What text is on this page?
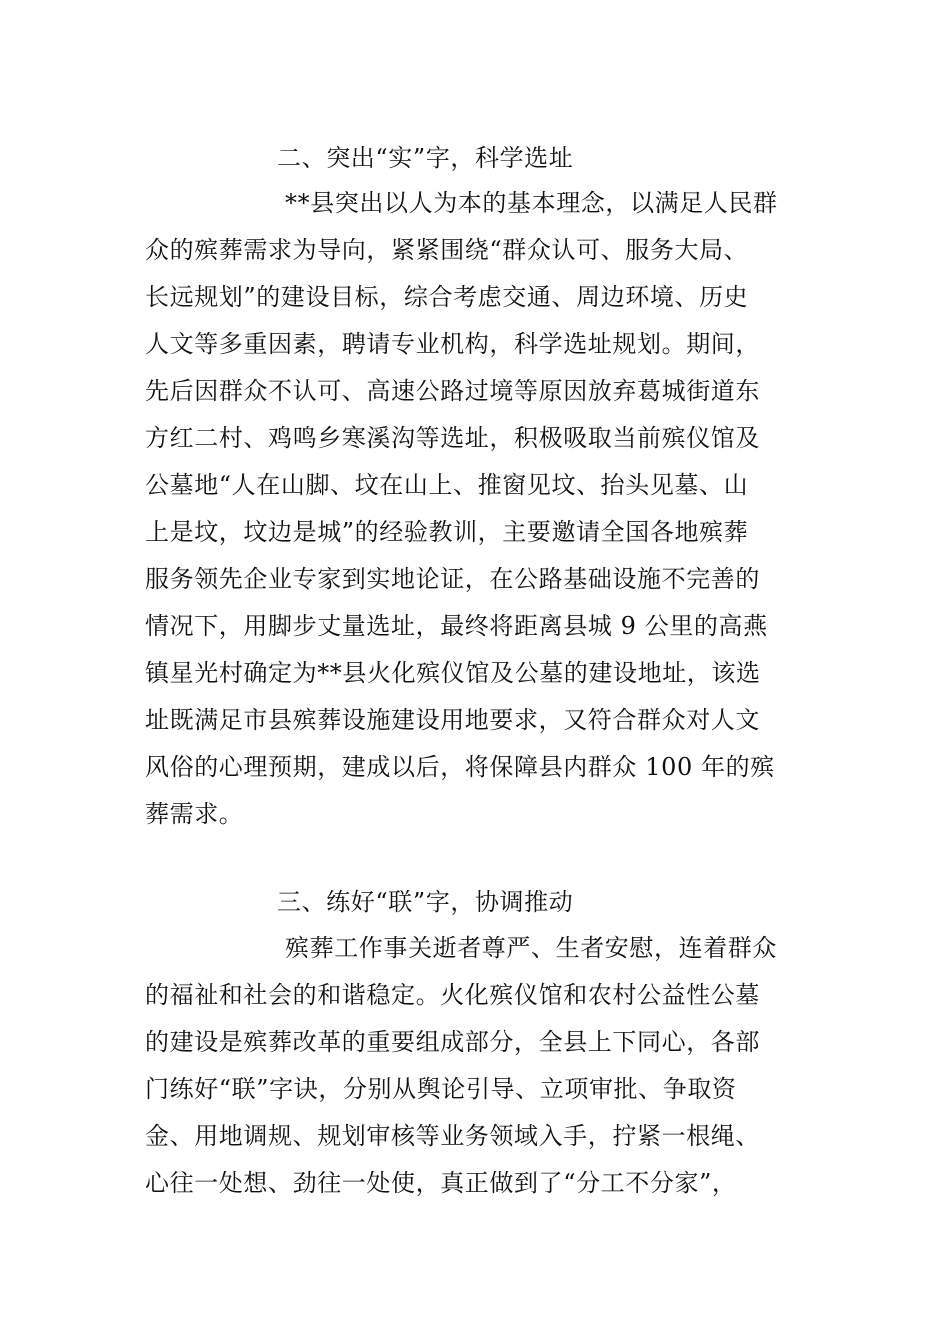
二、突出“实”字，科学选址
**县突出以人为本的基本理念，以满足人民群
众的殡葬需求为导向，紧紧围绕“群众认可、服务大局、
长远规划”的建设目标，综合考虑交通、周边环境、历史
人文等多重因素，聘请专业机构，科学选址规划。期间，
先后因群众不认可、高速公路过境等原因放弃葛城街道东
方红二村、鸡鸣乡寒溪沟等选址，积极吸取当前殡仪馆及
公墓地“人在山脚、坟在山上、推窗见坟、抬头见墓、山
上是坟，坟边是城”的经验教训，主要邀请全国各地殡葬
服务领先企业专家到实地论证，在公路基础设施不完善的
情况下，用脚步丈量选址，最终将距离县城 9 公里的高燕
镇星光村确定为**县火化殡仪馆及公墓的建设地址，该选
址既满足市县殡葬设施建设用地要求，又符合群众对人文
风俗的心理预期，建成以后，将保障县内群众 100 年的殡
葬需求。
三、练好“联”字，协调推动
殡葬工作事关逝者尊严、生者安慰，连着群众
的福祉和社会的和谐稳定。火化殡仪馆和农村公益性公墓
的建设是殡葬改革的重要组成部分，全县上下同心，各部
门练好“联”字诀，分别从舆论引导、立项审批、争取资
金、用地调规、规划审核等业务领域入手，拧紧一根绳、
心往一处想、劲往一处使，真正做到了“分工不分家”，
